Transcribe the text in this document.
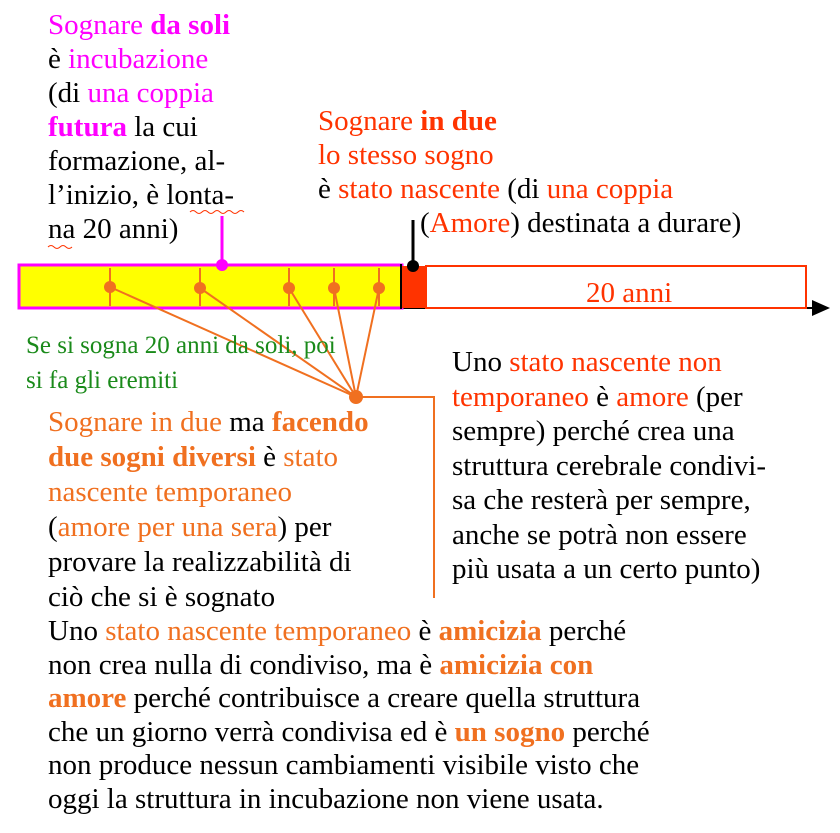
20 anni
Sognare da soli
è incubazione
(di una coppia
futura la cui
formazione, al-
l’inizio, è lonta-
na 20 anni)
Sognare in due
lo stesso sogno
è stato nascente (di una coppia
(Amore) destinata a durare)
Se si sogna 20 anni da soli, poi
si fa gli eremiti
Uno stato nascente non
temporaneo è amore (per
sempre) perché crea una
struttura cerebrale condivi-
sa che resterà per sempre,
anche se potrà non essere
più usata a un certo punto)
Sognare in due ma facendo
due sogni diversi è stato
nascente temporaneo
(amore per una sera) per
provare la realizzabilità di
ciò che si è sognato
Uno stato nascente temporaneo è amicizia perché
non crea nulla di condiviso, ma è amicizia con
amore perché contribuisce a creare quella struttura
che un giorno verrà condivisa ed è un sogno perché
non produce nessun cambiamenti visibile visto che
oggi la struttura in incubazione non viene usata.
